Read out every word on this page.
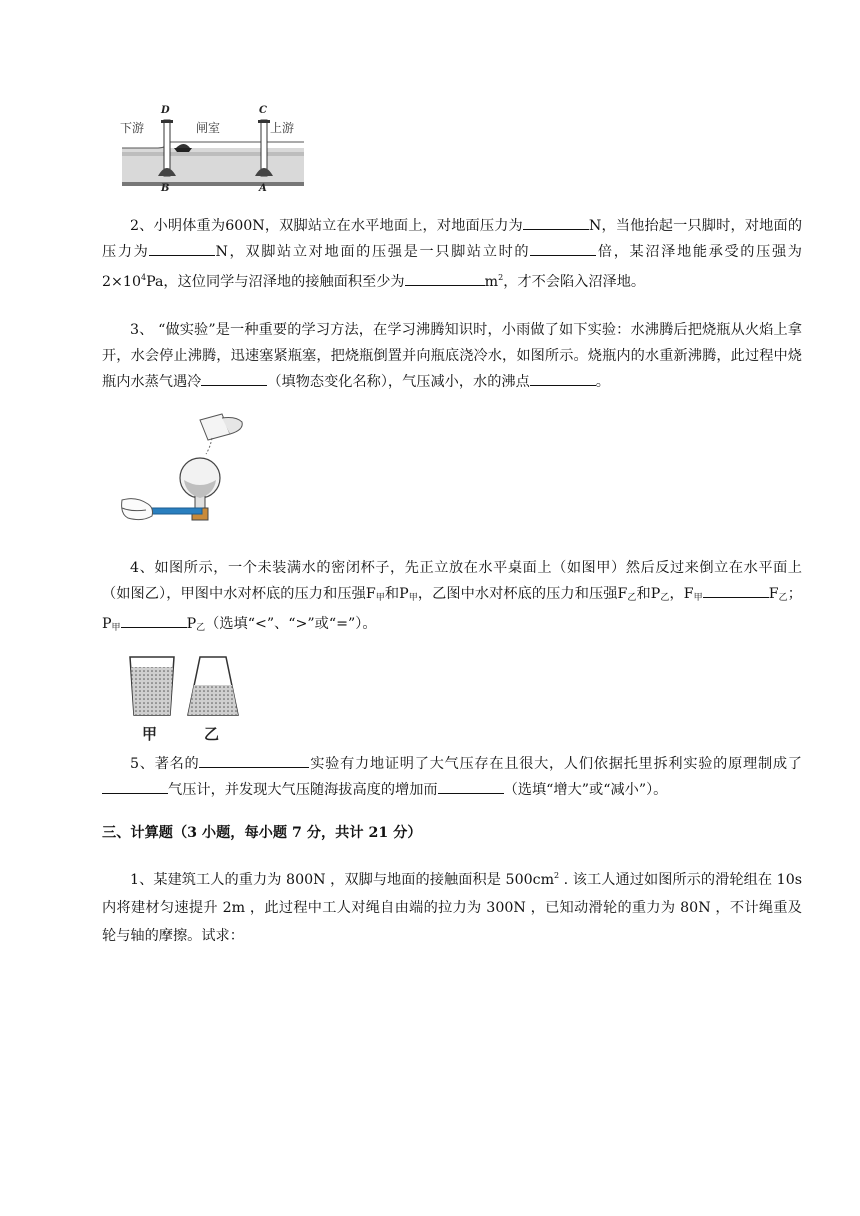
下游	闸室	上游
D	C
B	A
2、小明体重为600N，双脚站立在水平地面上，对地面压力为	N，当他抬起一只脚时，对地面的压力为	N，双脚站立对地面的压强是一只脚站立时的	倍，某沼泽地能承受的压强为$2\times 10^4Pa$，这位同学与沼泽地的接触面积至少为	$m^2$，才不会陷入沼泽地。
3、 “做实验”是一种重要的学习方法，在学习沸腾知识时，小雨做了如下实验：水沸腾后把烧瓶从火焰上拿开，水会停止沸腾，迅速塞紧瓶塞，把烧瓶倒置并向瓶底浇冷水，如图所示。烧瓶内的水重新沸腾，此过程中烧瓶内水蒸气遇冷	（填物态变化名称），气压减小，水的沸点	。
4、如图所示，一个未装满水的密闭杯子，先正立放在水平桌面上（如图甲）然后反过来倒立在水平面上（如图乙），甲图中水对杯底的压力和压强$F_甲$和$P_甲$，乙图中水对杯底的压力和压强$F_乙$和$P_乙$，$F_甲$	$F_乙$；$P_甲$	$P_乙$（选填“<”、“>”或“=”）。
甲	乙
5、著名的	实验有力地证明了大气压存在且很大，人们依据托里拆利实验的原理制成了气压计，并发现大气压随海拔高度的增加而	（选填“增大”或“减小”）。
三、计算题（3 小题，每小题 7 分，共计 21 分）
1、某建筑工人的重力为 800N ，双脚与地面的接触面积是 $500cm^2$ . 该工人通过如图所示的滑轮组在 10s 内将建材匀速提升 2m ，此过程中工人对绳自由端的拉力为 300N ，已知动滑轮的重力为 80N ，不计绳重及轮与轴的摩擦。试求：
